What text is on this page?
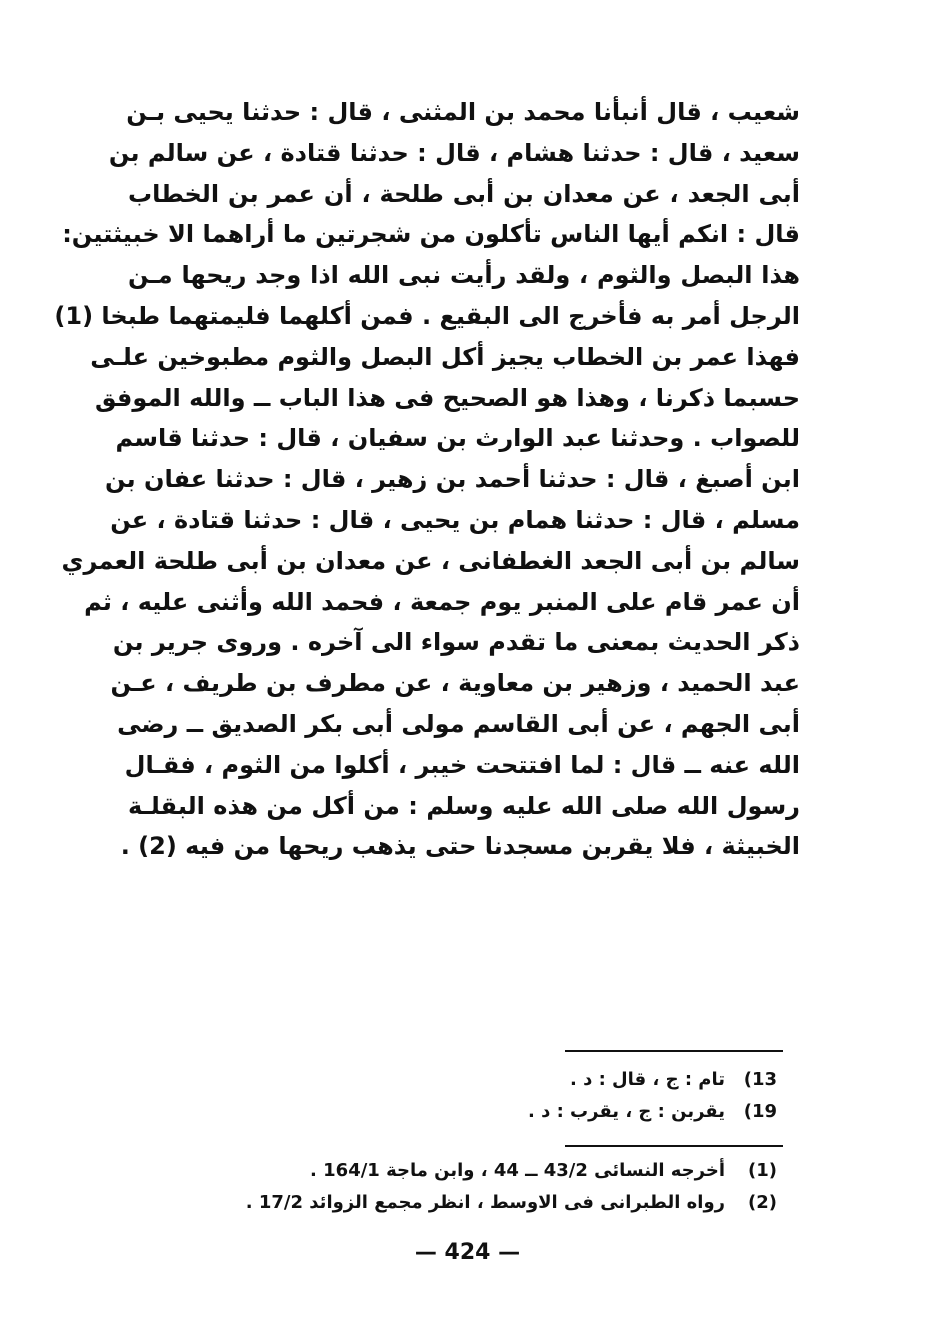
شعيب ، قال أنبأنا محمد بن المثنى ، قال : حدثنا يحيى بـن
سعيد ، قال : حدثنا هشام ، قال : حدثنا قتادة ، عن سالم بن
أبى الجعد ، عن معدان بن أبى طلحة ، أن عمر بن الخطاب
قال : انكم أيها الناس تأكلون من شجرتين ما أراهما الا خبيثتين:
هذا البصل والثوم ، ولقد رأيت نبى الله اذا وجد ريحها مـن
الرجل أمر به فأخرج الى البقيع . فمن أكلهما فليمتهما طبخا (1)
فهذا عمر بن الخطاب يجيز أكل البصل والثوم مطبوخين علـى
حسبما ذكرنا ، وهذا هو الصحيح فى هذا الباب ــ والله الموفق
للصواب . وحدثنا عبد الوارث بن سفيان ، قال : حدثنا قاسم
ابن أصبغ ، قال : حدثنا أحمد بن زهير ، قال : حدثنا عفان بن
مسلم ، قال : حدثنا همام بن يحيى ، قال : حدثنا قتادة ، عن
سالم بن أبى الجعد الغطفانى ، عن معدان بن أبى طلحة العمري
أن عمر قام على المنبر يوم جمعة ، فحمد الله وأثنى عليه ، ثم
ذكر الحديث بمعنى ما تقدم سواء الى آخره . وروى جرير بن
عبد الحميد ، وزهير بن معاوية ، عن مطرف بن طريف ، عـن
أبى الجهم ، عن أبى القاسم مولى أبى بكر الصديق ــ رضى
الله عنه ــ قال : لما افتتحت خيبر ، أكلوا من الثوم ، فقـال
رسول الله صلى الله عليه وسلم : من أكل من هذه البقلـة
الخبيثة ، فلا يقربن مسجدنا حتى يذهب ريحها من فيه (2) .
(13
تام : ج ، قال : د .
(19
يقربن : ج ، يقرب : د .
(1)
أخرجه النسائى 43/2 ــ 44 ، وابن ماجة 164/1 .
(2)
رواه الطبرانى فى الاوسط ، انظر مجمع الزوائد 17/2 .
— 424 —
